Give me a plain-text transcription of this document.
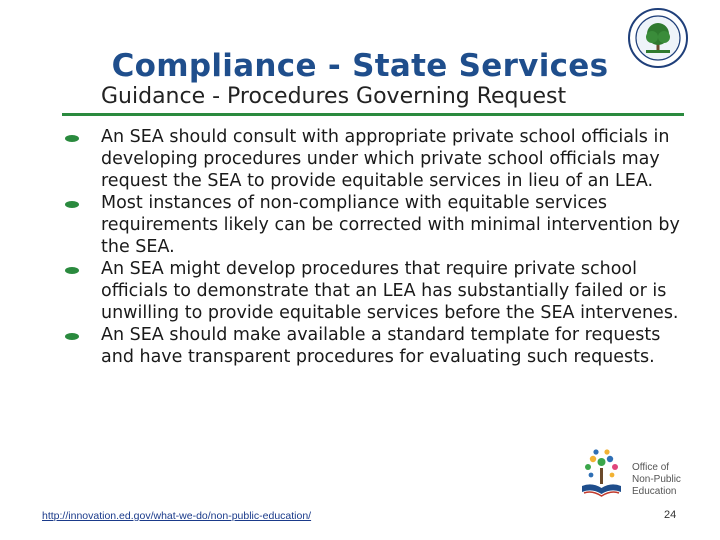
Compliance - State Services
Guidance - Procedures Governing Request
An SEA should consult with appropriate private school officials in developing procedures under which private school officials may request the SEA to provide equitable services in lieu of an LEA.
Most instances of non-compliance with equitable services requirements likely can be corrected with minimal intervention by the SEA.
An SEA might develop procedures that require private school officials to demonstrate that an LEA has substantially failed or is unwilling to provide equitable services before the SEA intervenes.
An SEA should make available a standard template for requests and have transparent procedures for evaluating such requests.
Office of
Non-Public
Education
http://innovation.ed.gov/what-we-do/non-public-education/	24
